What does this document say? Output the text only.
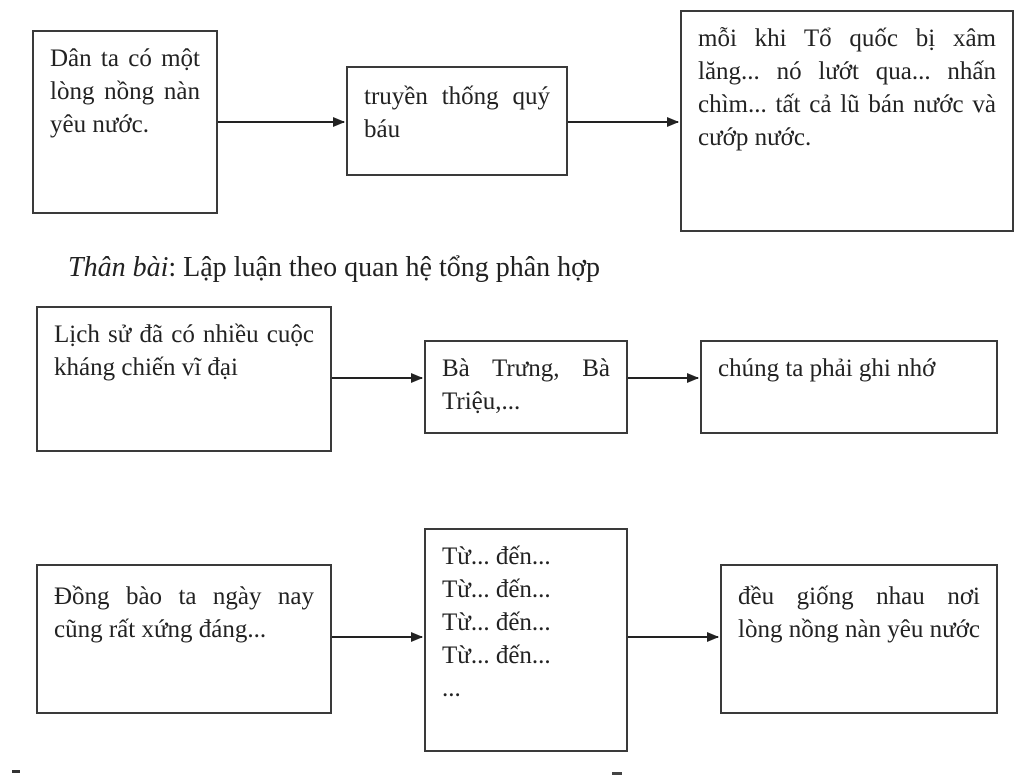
Dân ta có một lòng nồng nàn yêu nước.
truyền thống quý báu
mỗi khi Tổ quốc bị xâm lăng... nó lướt qua... nhấn chìm... tất cả lũ bán nước và cướp nước.
Thân bài: Lập luận theo quan hệ tổng phân hợp
Lịch sử đã có nhiều cuộc kháng chiến vĩ đại	Bà Trưng, Bà Triệu,...
chúng ta phải ghi nhớ
Đồng bào ta ngày nay cũng rất xứng đáng...
Từ... đến...
Từ... đến...
Từ... đến...
Từ... đến...
...
đều giống nhau nơi lòng nồng nàn yêu nước
